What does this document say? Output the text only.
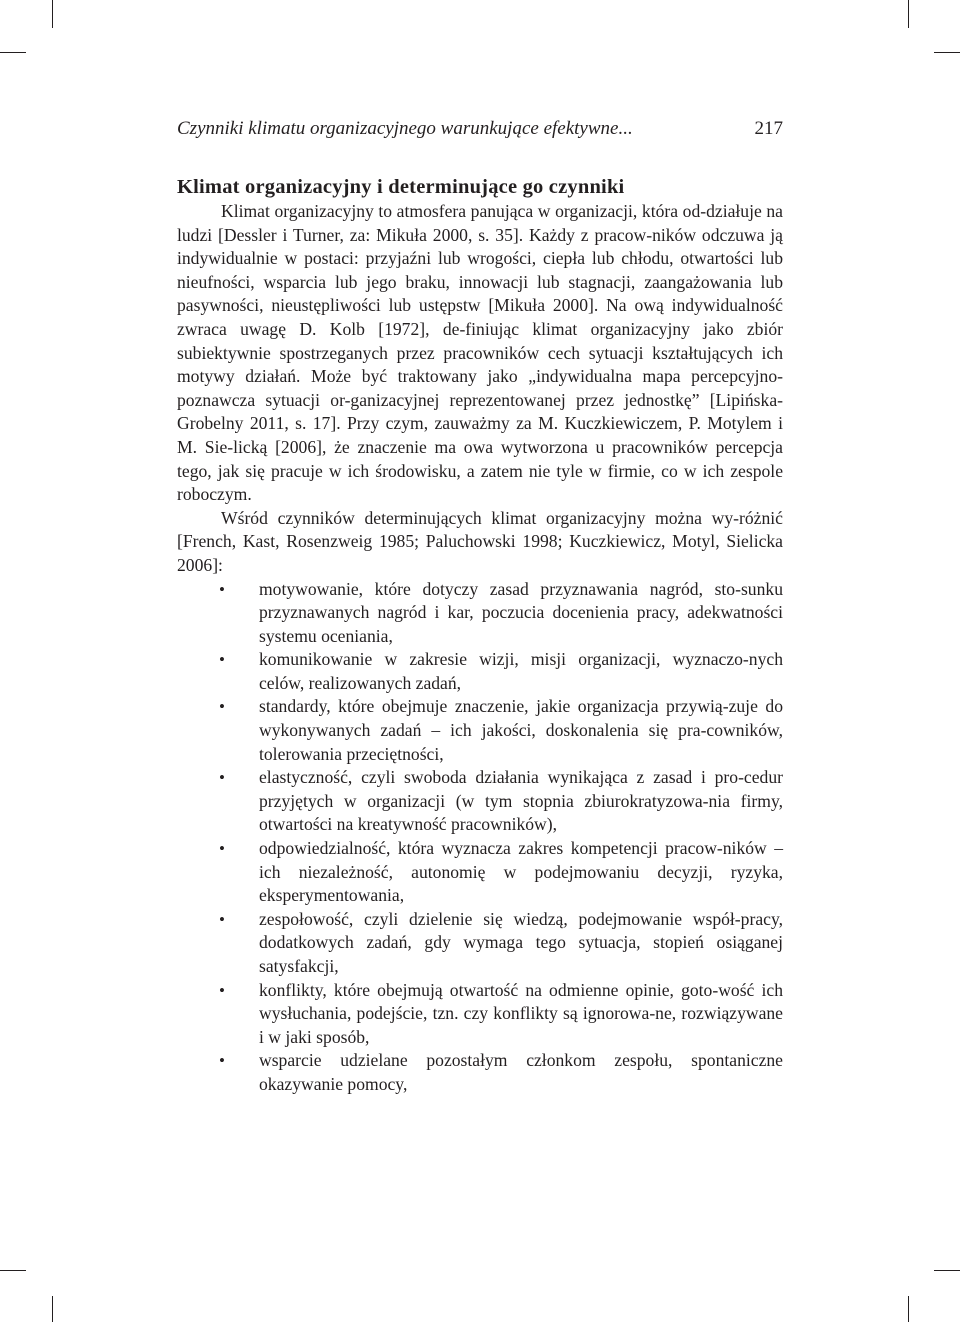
Czynniki klimatu organizacyjnego warunkujące efektywne...	217
Klimat organizacyjny i determinujące go czynniki

Klimat organizacyjny to atmosfera panująca w organizacji, która od-działuje na ludzi [Dessler i Turner, za: Mikuła 2000, s. 35]. Każdy z pracow-ników odczuwa ją indywidualnie w postaci: przyjaźni lub wrogości, ciepła lub chłodu, otwartości lub nieufności, wsparcia lub jego braku, innowacji lub stagnacji, zaangażowania lub pasywności, nieustępliwości lub ustępstw [Mikuła 2000]. Na ową indywidualność zwraca uwagę D. Kolb [1972], de-finiując klimat organizacyjny jako zbiór subiektywnie spostrzeganych przez pracowników cech sytuacji kształtujących ich motywy działań. Może być traktowany jako „indywidualna mapa percepcyjno-poznawcza sytuacji or-ganizacyjnej reprezentowanej przez jednostkę” [Lipińska-Grobelny 2011, s. 17]. Przy czym, zauważmy za M. Kuczkiewiczem, P. Motylem i M. Sie-licką [2006], że znaczenie ma owa wytworzona u pracowników percepcja tego, jak się pracuje w ich środowisku, a zatem nie tyle w firmie, co w ich zespole roboczym.

Wśród czynników determinujących klimat organizacyjny można wy-różnić [French, Kast, Rosenzweig 1985; Paluchowski 1998; Kuczkiewicz, Motyl, Sielicka 2006]:

• motywowanie, które dotyczy zasad przyznawania nagród, sto-sunku przyznawanych nagród i kar, poczucia docenienia pracy, adekwatności systemu oceniania,
• komunikowanie w zakresie wizji, misji organizacji, wyznaczo-nych celów, realizowanych zadań,
• standardy, które obejmuje znaczenie, jakie organizacja przywią-zuje do wykonywanych zadań – ich jakości, doskonalenia się pra-cowników, tolerowania przeciętności,
• elastyczność, czyli swoboda działania wynikająca z zasad i pro-cedur przyjętych w organizacji (w tym stopnia zbiurokratyzowa-nia firmy, otwartości na kreatywność pracowników),
• odpowiedzialność, która wyznacza zakres kompetencji pracow-ników – ich niezależność, autonomię w podejmowaniu decyzji, ryzyka, eksperymentowania,
• zespołowość, czyli dzielenie się wiedzą, podejmowanie współ-pracy, dodatkowych zadań, gdy wymaga tego sytuacja, stopień osiąganej satysfakcji,
• konflikty, które obejmują otwartość na odmienne opinie, goto-wość ich wysłuchania, podejście, tzn. czy konflikty są ignorowa-ne, rozwiązywane i w jaki sposób,
• wsparcie udzielane pozostałym członkom zespołu, spontaniczne okazywanie pomocy,
